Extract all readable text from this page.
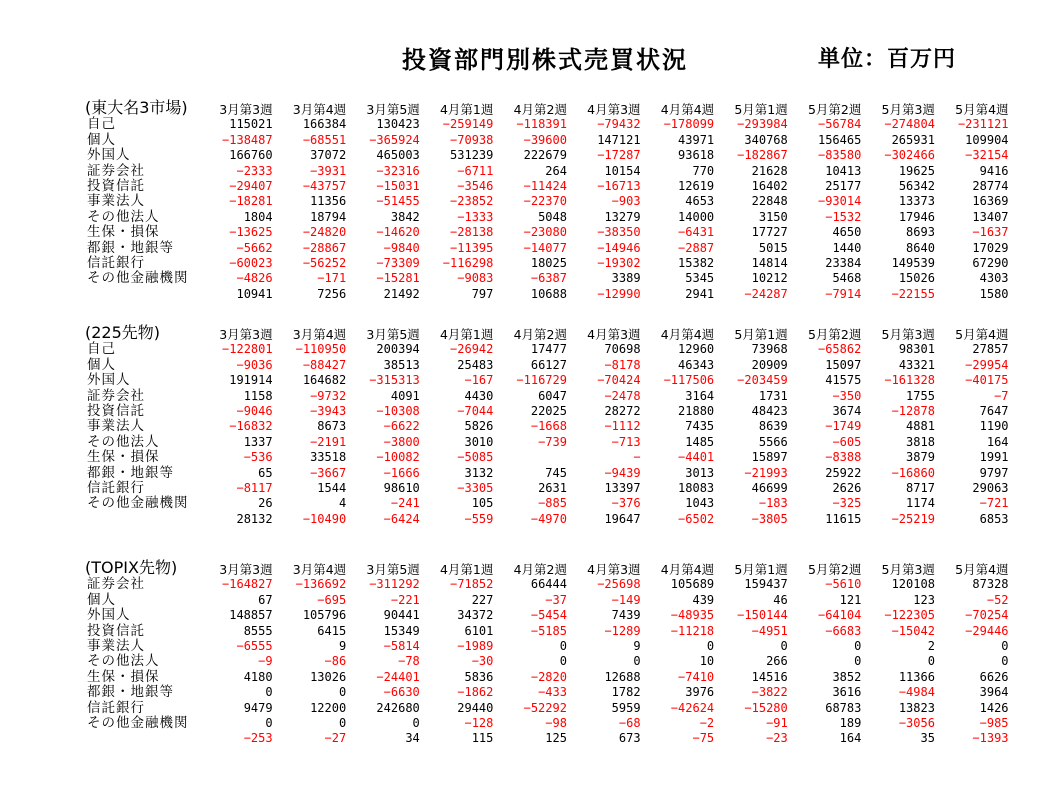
投資部門別株式売買状況	単位：百万円
(東大名3市場)	3月第3週	3月第4週	3月第5週	4月第1週	4月第2週	4月第3週	4月第4週	5月第1週	5月第2週	5月第3週	5月第4週
自己	115021	166384	130423	−259149	−118391	−79432	−178099	−293984	−56784	−274804	−231121
個人	−138487	−68551	−365924	−70938	−39600	147121	43971	340768	156465	265931	109904
外国人	166760	37072	465003	531239	222679	−17287	93618	−182867	−83580	−302466	−32154
証券会社	−2333	−3931	−32316	−6711	264	10154	770	21628	10413	19625	9416
投資信託	−29407	−43757	−15031	−3546	−11424	−16713	12619	16402	25177	56342	28774
事業法人	−18281	11356	−51455	−23852	−22370	−903	4653	22848	−93014	13373	16369
その他法人	1804	18794	3842	−1333	5048	13279	14000	3150	−1532	17946	13407
生保・損保	−13625	−24820	−14620	−28138	−23080	−38350	−6431	17727	4650	8693	−1637
都銀・地銀等	−5662	−28867	−9840	−11395	−14077	−14946	−2887	5015	1440	8640	17029
信託銀行	−60023	−56252	−73309	−116298	18025	−19302	15382	14814	23384	149539	67290
その他金融機関	−4826	−171	−15281	−9083	−6387	3389	5345	10212	5468	15026	4303
	10941	7256	21492	797	10688	−12990	2941	−24287	−7914	−22155	1580
(225先物)	3月第3週	3月第4週	3月第5週	4月第1週	4月第2週	4月第3週	4月第4週	5月第1週	5月第2週	5月第3週	5月第4週
自己	−122801	−110950	200394	−26942	17477	70698	12960	73968	−65862	98301	27857
個人	−9036	−88427	38513	25483	66127	−8178	46343	20909	15097	43321	−29954
外国人	191914	164682	−315313	−167	−116729	−70424	−117506	−203459	41575	−161328	−40175
証券会社	1158	−9732	4091	4430	6047	−2478	3164	1731	−350	1755	−7
投資信託	−9046	−3943	−10308	−7044	22025	28272	21880	48423	3674	−12878	7647
事業法人	−16832	8673	−6622	5826	−1668	−1112	7435	8639	−1749	4881	1190
その他法人	1337	−2191	−3800	3010	−739	−713	1485	5566	−605	3818	164
生保・損保	−536	33518	−10082	−5085		−	−4401	15897	−8388	3879	1991
都銀・地銀等	65	−3667	−1666	3132	745	−9439	3013	−21993	25922	−16860	9797
信託銀行	−8117	1544	98610	−3305	2631	13397	18083	46699	2626	8717	29063
その他金融機関	26	4	−241	105	−885	−376	1043	−183	−325	1174	−721
	28132	−10490	−6424	−559	−4970	19647	−6502	−3805	11615	−25219	6853
(TOPIX先物)	3月第3週	3月第4週	3月第5週	4月第1週	4月第2週	4月第3週	4月第4週	5月第1週	5月第2週	5月第3週	5月第4週
証券会社	−164827	−136692	−311292	−71852	66444	−25698	105689	159437	−5610	120108	87328
個人	67	−695	−221	227	−37	−149	439	46	121	123	−52
外国人	148857	105796	90441	34372	−5454	7439	−48935	−150144	−64104	−122305	−70254
投資信託	8555	6415	15349	6101	−5185	−1289	−11218	−4951	−6683	−15042	−29446
事業法人	−6555	9	−5814	−1989	0	9	0	0	0	2	0
その他法人	−9	−86	−78	−30	0	0	10	266	0	0	0
生保・損保	4180	13026	−24401	5836	−2820	12688	−7410	14516	3852	11366	6626
都銀・地銀等	0	0	−6630	−1862	−433	1782	3976	−3822	3616	−4984	3964
信託銀行	9479	12200	242680	29440	−52292	5959	−42624	−15280	68783	13823	1426
その他金融機関	0	0	0	−128	−98	−68	−2	−91	189	−3056	−985
	−253	−27	34	115	125	673	−75	−23	164	35	−1393
